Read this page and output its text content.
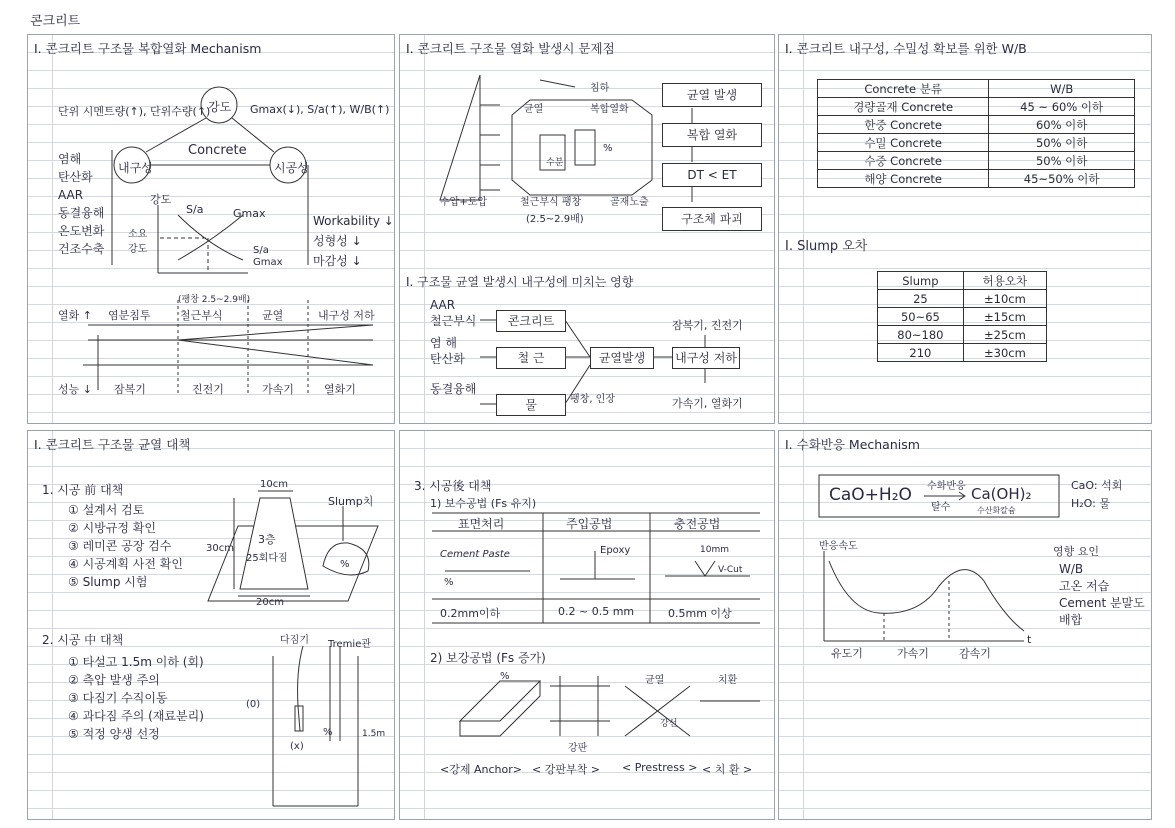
콘크리트
I. 콘크리트 구조물 복합열화 Mechanism
단위 시멘트량(↑), 단위수량(↑)
강도 Gmax(↓), S/a(↑), W/B(↑)
Concrete
내구성	시공성
염해
탄산화
AAR
동결융해
온도변화
건조수축
Workability ↓
성형성 ↓
마감성 ↓
강도
S/a	Gmax
소요
강도	S/a
Gmax
(팽창 2.5~2.9배)
열화 ↑ 염분침투	철근부식	균열	내구성 저하
성능 ↓ 잠복기	진전기	가속기	열화기
I. 콘크리트 구조물 열화 발생시 문제점
침하
균열	복합열화
수분
%
수압+토압	철근부식 팽창
(2.5~2.9배)
골재노출
균열 발생
복합 열화
DT < ET
구조체 파괴
I. 구조물 균열 발생시 내구성에 미치는 영향
AAR
철근부식
염 해
탄산화
동결융해
콘크리트
철 근
물
균열발생	내구성 저하
팽창, 인장
잠복기, 진전기
가속기, 열화기
I. 콘크리트 내구성, 수밀성 확보를 위한 W/B
Concrete 분류	W/B
경량골재 Concrete	45 ~ 60% 이하
한중 Concrete	60% 이하
수밀 Concrete	50% 이하
수중 Concrete	50% 이하
해양 Concrete	45~50% 이하
I. Slump 오차
Slump	허용오차
25	±10cm
50~65	±15cm
80~180	±25cm
210	±30cm
I. 콘크리트 구조물 균열 대책
1. 시공 前 대책
① 설계서 검토
② 시방규정 확인
③ 레미콘 공장 검수
④ 시공계획 사전 확인
⑤ Slump 시험
10cm
30cm
20cm
3층
25회다짐
Slump치
%
2. 시공 中 대책
① 타설고 1.5m 이하 (회)
② 측압 발생 주의
③ 다짐기 수직이동
④ 과다짐 주의 (재료분리)
⑤ 적정 양생 선정
다짐기 Tremie관
(0)
(x)
%	1.5m
3. 시공後 대책
1) 보수공법 (Fs 유지)
표면처리	주입공법	충전공법
Cement Paste	Epoxy	10mm
V-Cut
%
0.2mm이하	0.2 ~ 0.5 mm	0.5mm 이상
2) 보강공법 (Fs 증가)
%	균열
강판
강선
치환
<강제 Anchor> < 강판부착 > < Prestress > < 치 환 >
I. 수화반응 Mechanism
CaO+H₂O 수화반응
탈수
Ca(OH)₂
수산화칼슘
CaO: 석회
H₂O: 물
반응속도
t
유도기	가속기	감속기
영향 요인
W/B
고온 저습
Cement 분말도
배합
